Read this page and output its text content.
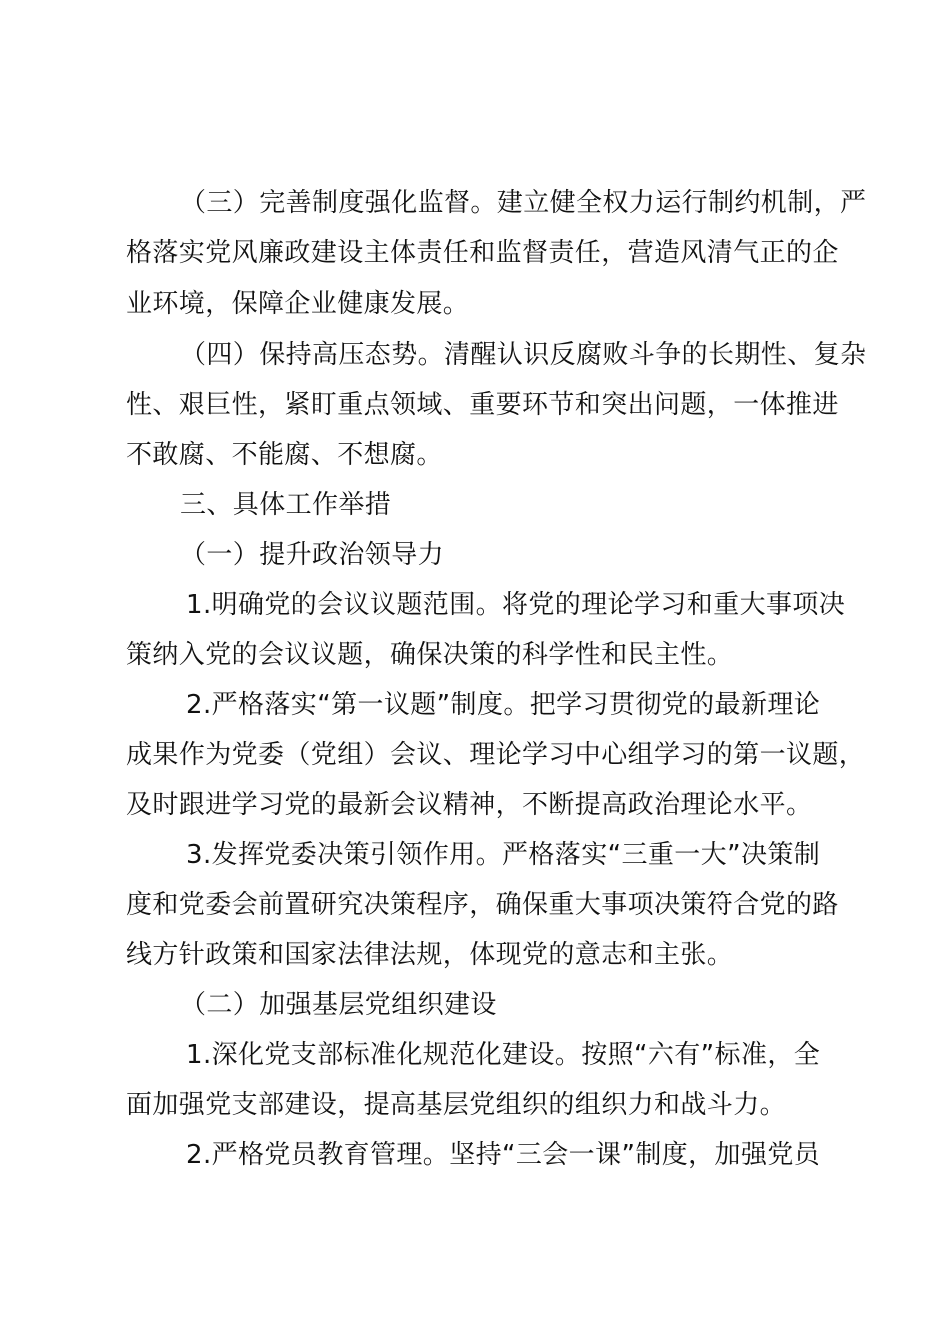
（三）完善制度强化监督。建立健全权力运行制约机制，严
格落实党风廉政建设主体责任和监督责任，营造风清气正的企
业环境，保障企业健康发展。
（四）保持高压态势。清醒认识反腐败斗争的长期性、复杂
性、艰巨性，紧盯重点领域、重要环节和突出问题，一体推进
不敢腐、不能腐、不想腐。
三、具体工作举措
（一）提升政治领导力
1.明确党的会议议题范围。将党的理论学习和重大事项决
策纳入党的会议议题，确保决策的科学性和民主性。
2.严格落实“第一议题”制度。把学习贯彻党的最新理论
成果作为党委（党组）会议、理论学习中心组学习的第一议题，
及时跟进学习党的最新会议精神，不断提高政治理论水平。
3.发挥党委决策引领作用。严格落实“三重一大”决策制
度和党委会前置研究决策程序，确保重大事项决策符合党的路
线方针政策和国家法律法规，体现党的意志和主张。
（二）加强基层党组织建设
1.深化党支部标准化规范化建设。按照“六有”标准，全
面加强党支部建设，提高基层党组织的组织力和战斗力。
2.严格党员教育管理。坚持“三会一课”制度，加强党员
